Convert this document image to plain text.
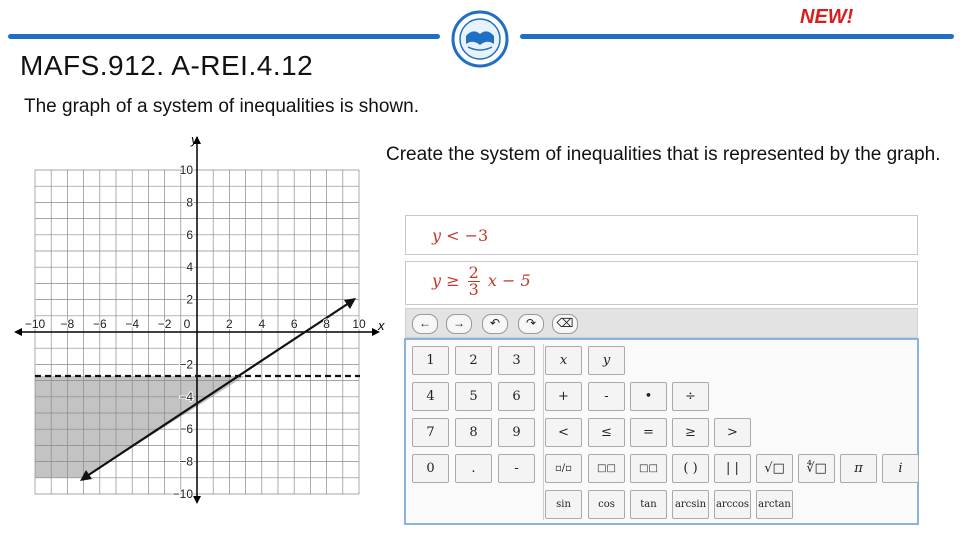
NEW!
MAFS.912. A-REI.4.12
The graph of a system of inequalities is shown.
Create the system of inequalities that is represented by the graph.
x
y
−10 −8 −6 −4 −2 0	2 4 6 8 10
10
8
6
4
2
−2
−4
−6
−8
−10
y < −3
$y \ge \frac{2}{3}$ x − 5
←	→	↶	↷	⌫
1	2	3
4	5	6
7	8	9
0	.	-
x	y
+	-	•	÷
<	≤	=	≥	>
▫/▫	□□	□□	( )	| |	√□	∜□	π	i
sin	cos	tan	arcsin arccos arctan
